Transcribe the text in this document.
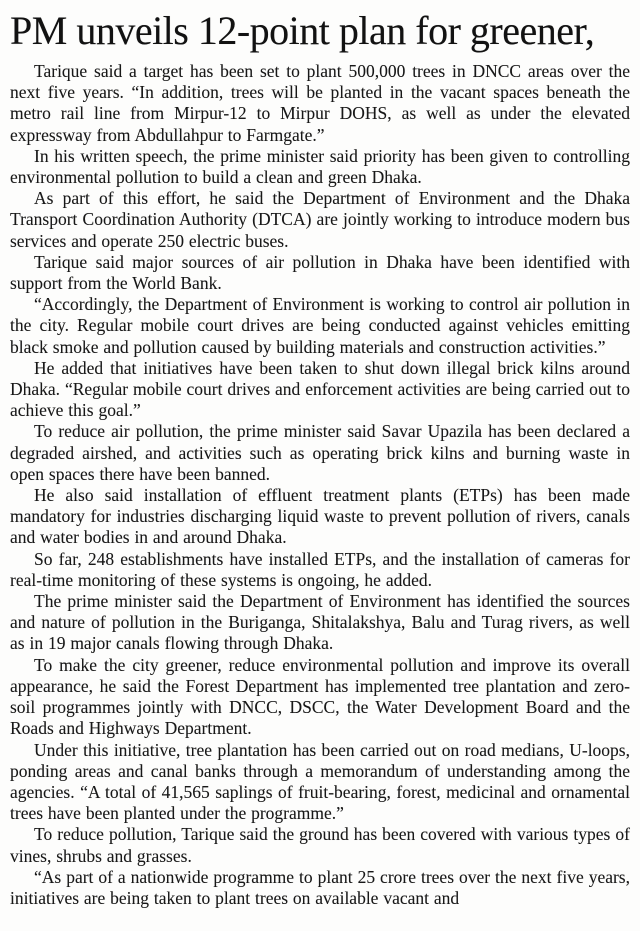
PM unveils 12-point plan for greener,

Tarique said a target has been set to plant 500,000 trees in DNCC areas over the next five years. “In addition, trees will be planted in the vacant spaces beneath the metro rail line from Mirpur-12 to Mirpur DOHS, as well as under the elevated expressway from Abdullahpur to Farmgate.”

In his written speech, the prime minister said priority has been given to controlling environmental pollution to build a clean and green Dhaka.

As part of this effort, he said the Department of Environment and the Dhaka Transport Coordination Authority (DTCA) are jointly working to introduce modern bus services and operate 250 electric buses.

Tarique said major sources of air pollution in Dhaka have been identified with support from the World Bank.

“Accordingly, the Department of Environment is working to control air pollution in the city. Regular mobile court drives are being conducted against vehicles emitting black smoke and pollution caused by building materials and construction activities.”

He added that initiatives have been taken to shut down illegal brick kilns around Dhaka. “Regular mobile court drives and enforcement activities are being carried out to achieve this goal.”

To reduce air pollution, the prime minister said Savar Upazila has been declared a degraded airshed, and activities such as operating brick kilns and burning waste in open spaces there have been banned.

He also said installation of effluent treatment plants (ETPs) has been made mandatory for industries discharging liquid waste to prevent pollution of rivers, canals and water bodies in and around Dhaka.

So far, 248 establishments have installed ETPs, and the installation of cameras for real-time monitoring of these systems is ongoing, he added.

The prime minister said the Department of Environment has identified the sources and nature of pollution in the Buriganga, Shitalakshya, Balu and Turag rivers, as well as in 19 major canals flowing through Dhaka.

To make the city greener, reduce environmental pollution and improve its overall appearance, he said the Forest Department has implemented tree plantation and zero-soil programmes jointly with DNCC, DSCC, the Water Development Board and the Roads and Highways Department.

Under this initiative, tree plantation has been carried out on road medians, U-loops, ponding areas and canal banks through a memorandum of understanding among the agencies. “A total of 41,565 saplings of fruit-bearing, forest, medicinal and ornamental trees have been planted under the programme.”

To reduce pollution, Tarique said the ground has been covered with various types of vines, shrubs and grasses.

“As part of a nationwide programme to plant 25 crore trees over the next five years, initiatives are being taken to plant trees on available vacant and
